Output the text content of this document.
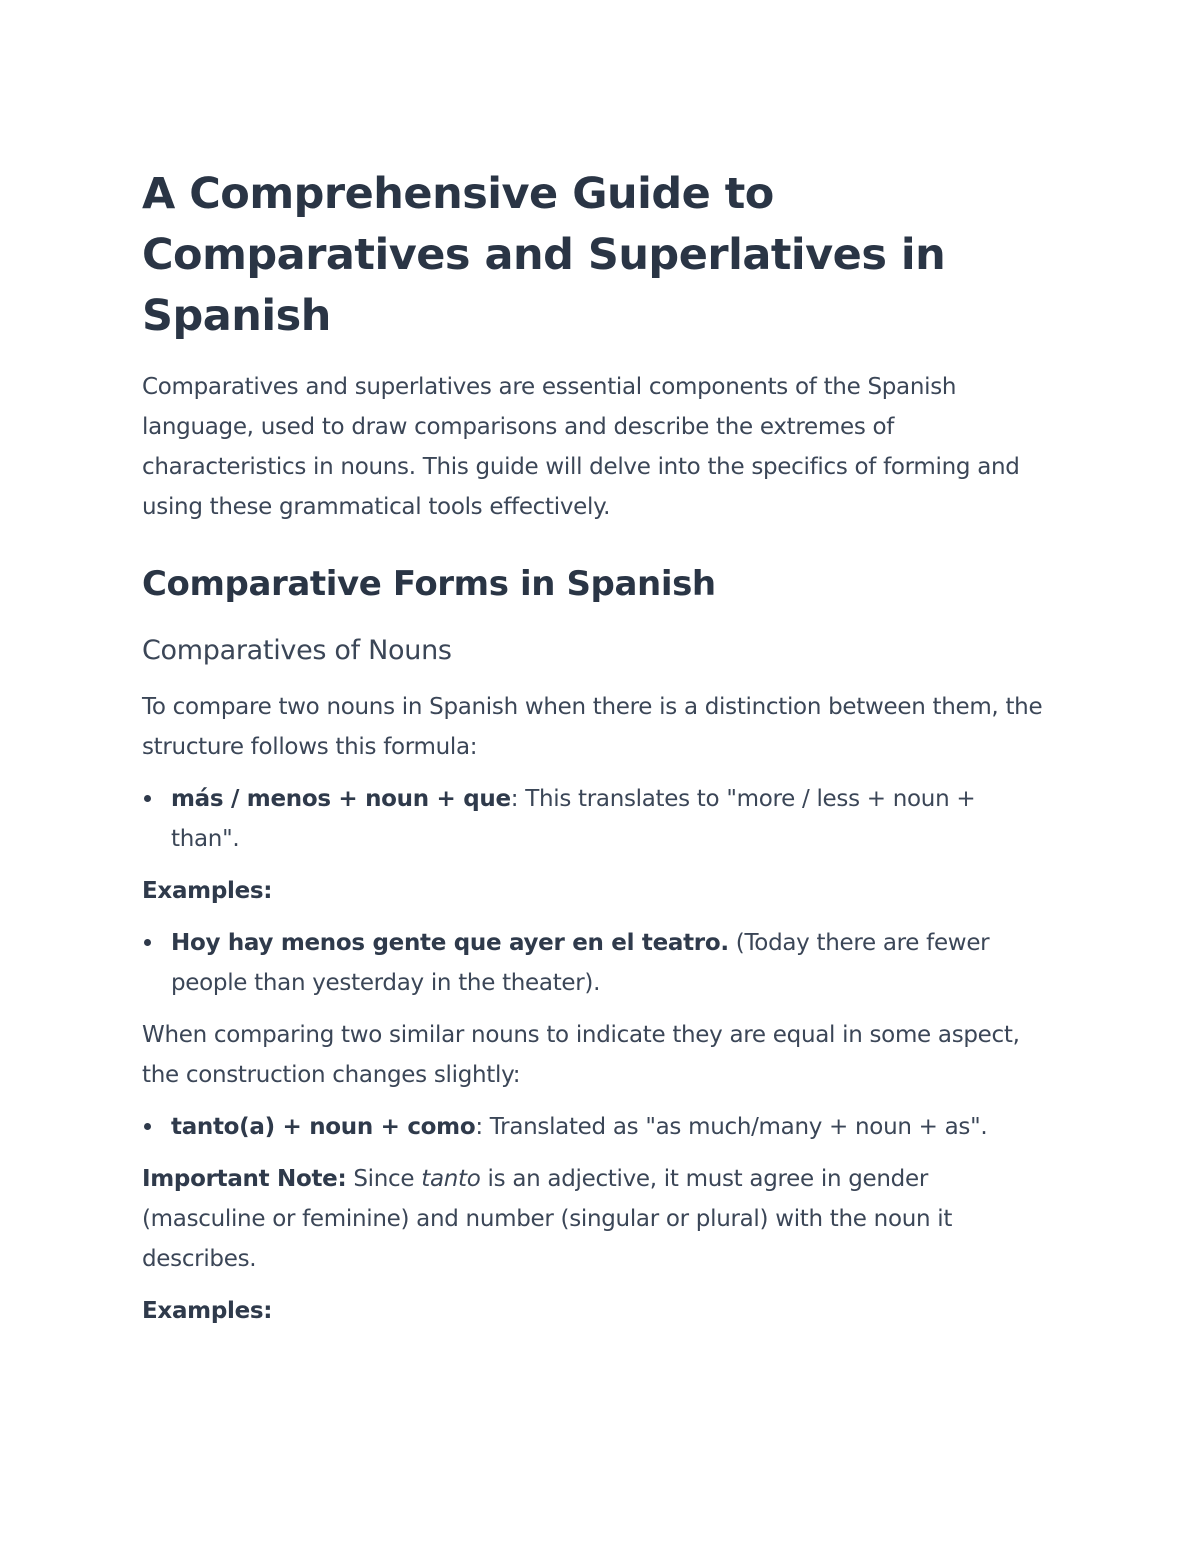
A Comprehensive Guide to Comparatives and Superlatives in Spanish

Comparatives and superlatives are essential components of the Spanish language, used to draw comparisons and describe the extremes of characteristics in nouns. This guide will delve into the specifics of forming and using these grammatical tools effectively.

Comparative Forms in Spanish
Comparatives of Nouns

To compare two nouns in Spanish when there is a distinction between them, the structure follows this formula:

más / menos + noun + que: This translates to "more / less + noun + than".

Examples:

Hoy hay menos gente que ayer en el teatro. (Today there are fewer people than yesterday in the theater).

When comparing two similar nouns to indicate they are equal in some aspect, the construction changes slightly:

tanto(a) + noun + como: Translated as "as much/many + noun + as".

Important Note: Since tanto is an adjective, it must agree in gender (masculine or feminine) and number (singular or plural) with the noun it describes.

Examples:
